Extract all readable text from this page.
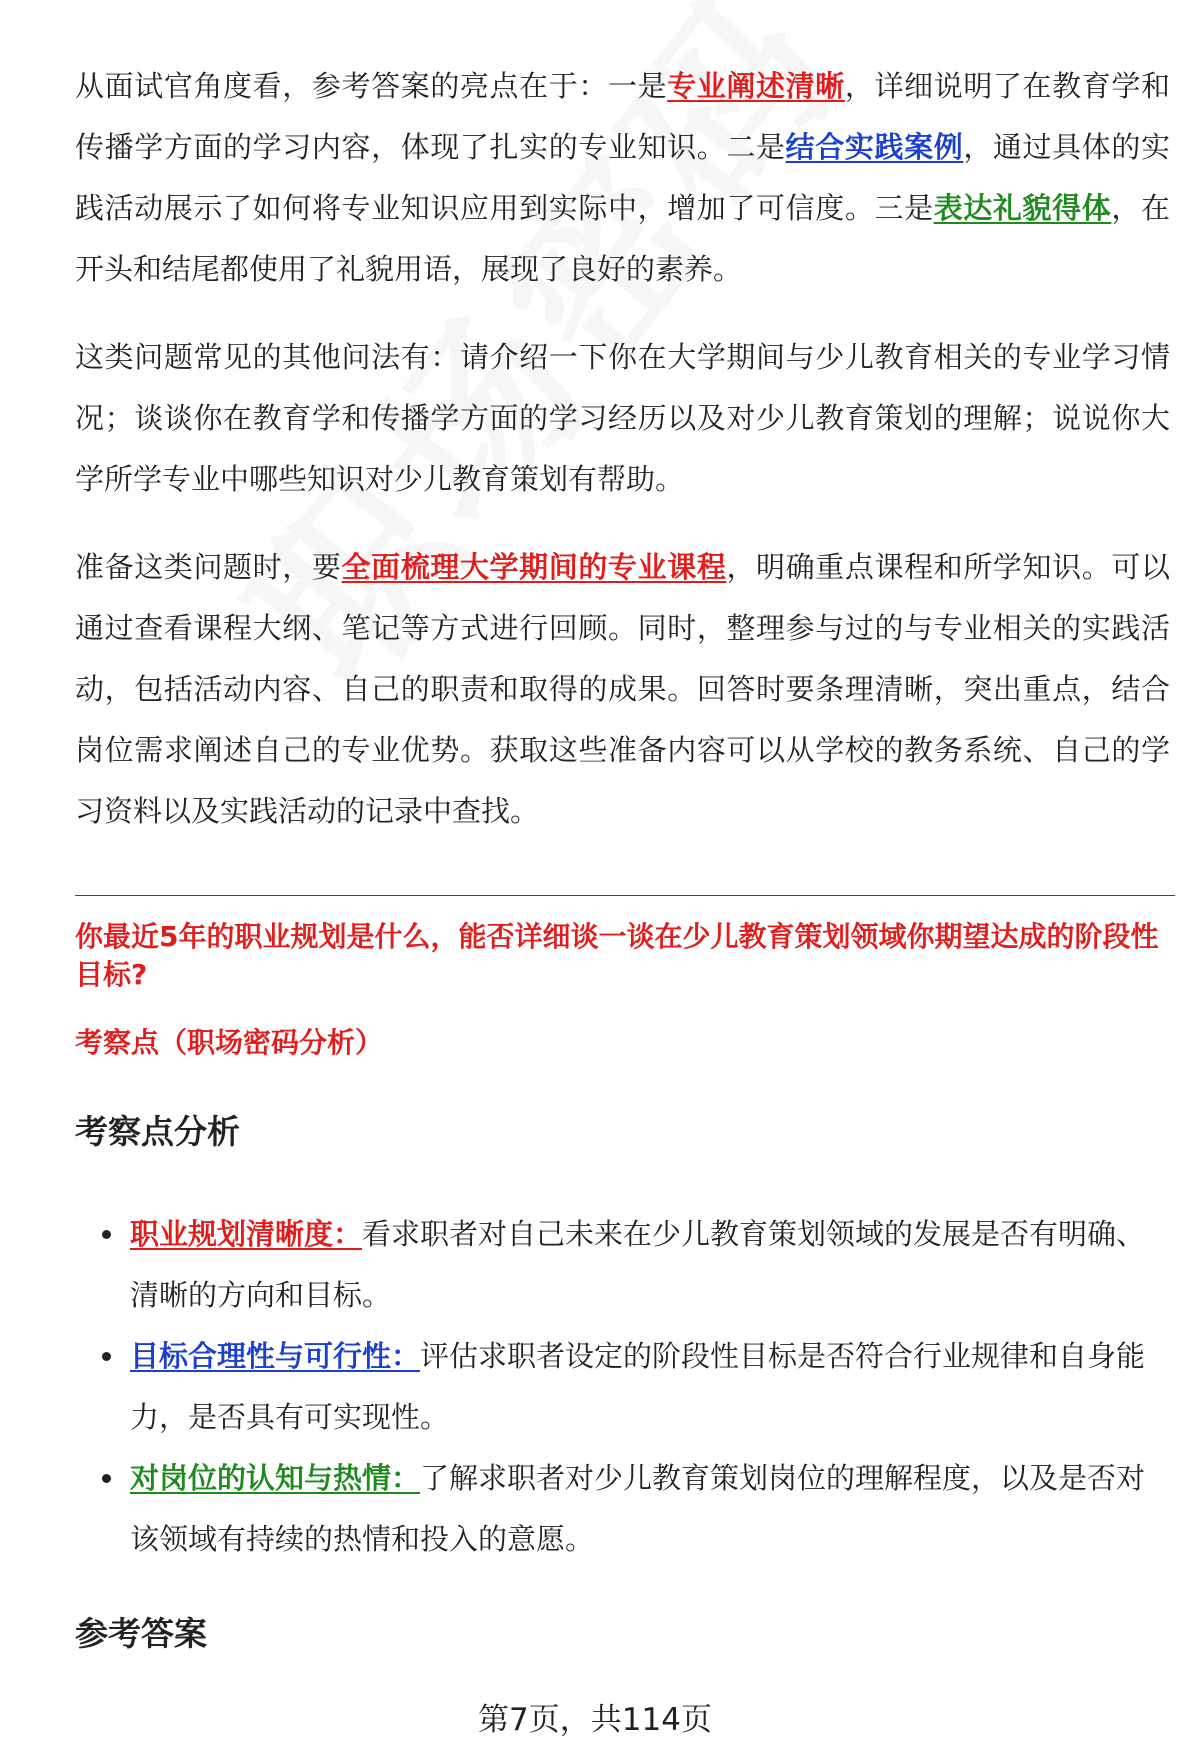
从面试官角度看，参考答案的亮点在于：一是专业阐述清晰，详细说明了在教育学和传播学方面的学习内容，体现了扎实的专业知识。二是结合实践案例，通过具体的实践活动展示了如何将专业知识应用到实际中，增加了可信度。三是表达礼貌得体，在开头和结尾都使用了礼貌用语，展现了良好的素养。

这类问题常见的其他问法有：请介绍一下你在大学期间与少儿教育相关的专业学习情况；谈谈你在教育学和传播学方面的学习经历以及对少儿教育策划的理解；说说你大学所学专业中哪些知识对少儿教育策划有帮助。

准备这类问题时，要全面梳理大学期间的专业课程，明确重点课程和所学知识。可以通过查看课程大纲、笔记等方式进行回顾。同时，整理参与过的与专业相关的实践活动，包括活动内容、自己的职责和取得的成果。回答时要条理清晰，突出重点，结合岗位需求阐述自己的专业优势。获取这些准备内容可以从学校的教务系统、自己的学习资料以及实践活动的记录中查找。

你最近5年的职业规划是什么，能否详细谈一谈在少儿教育策划领域你期望达成的阶段性目标?
考察点（职场密码分析）
考察点分析
职业规划清晰度：看求职者对自己未来在少儿教育策划领域的发展是否有明确、清晰的方向和目标。
目标合理性与可行性：评估求职者设定的阶段性目标是否符合行业规律和自身能力，是否具有可实现性。
对岗位的认知与热情：了解求职者对少儿教育策划岗位的理解程度，以及是否对该领域有持续的热情和投入的意愿。
参考答案
第7页，共114页
